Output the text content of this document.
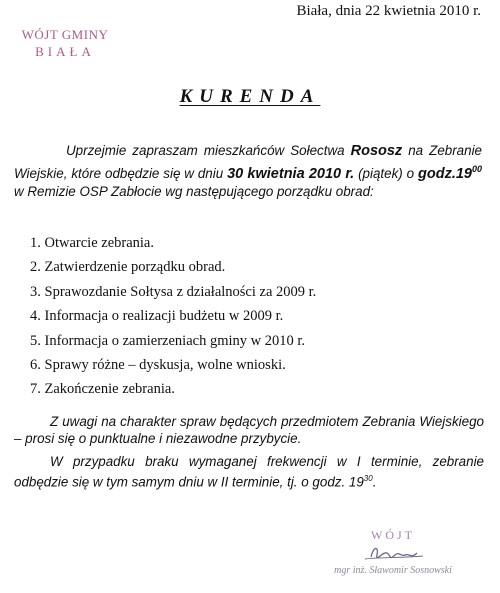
WÓJT GMINY
BIAŁA
Biała, dnia 22 kwietnia 2010 r.
KURENDA

Uprzejmie zapraszam mieszkańców Sołectwa Rososz na Zebranie Wiejskie, które odbędzie się w dniu 30 kwietnia 2010 r. (piątek) o $godz.19^{00}$ w Remizie OSP Zabłocie wg następującego porządku obrad:

1. Otwarcie zebrania.
2. Zatwierdzenie porządku obrad.
3. Sprawozdanie Sołtysa z działalności za 2009 r.
4. Informacja o realizacji budżetu w 2009 r.
5. Informacja o zamierzeniach gminy w 2010 r.
6. Sprawy różne – dyskusja, wolne wnioski.
7. Zakończenie zebrania.

Z uwagi na charakter spraw będących przedmiotem Zebrania Wiejskiego – prosi się o punktualne i niezawodne przybycie.

W przypadku braku wymaganej frekwencji w I terminie, zebranie odbędzie się w tym samym dniu w II terminie, tj. o godz. $19^{30}$.

WÓJT
mgr inż. Sławomir Sosnowski
